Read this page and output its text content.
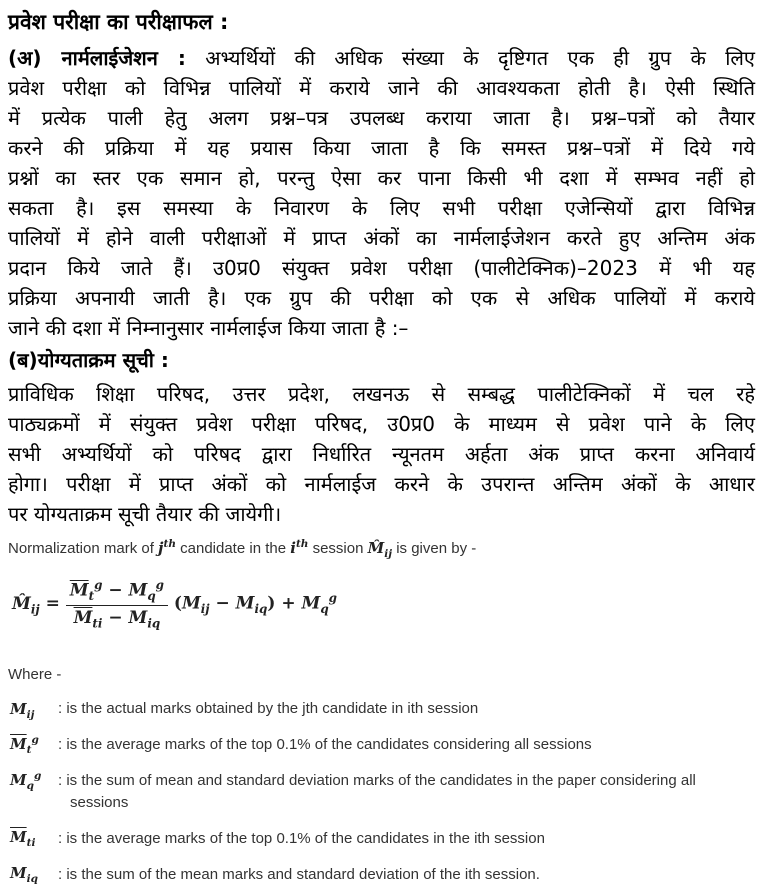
प्रवेश परीक्षा का परीक्षाफल :
(अ) नार्मलाईजेशन : अभ्यर्थियों की अधिक संख्या के दृष्टिगत एक ही ग्रुप के लिए
प्रवेश परीक्षा को विभिन्न पालियों में कराये जाने की आवश्यकता होती है। ऐसी स्थिति
में प्रत्येक पाली हेतु अलग प्रश्न–पत्र उपलब्ध कराया जाता है। प्रश्न–पत्रों को तैयार
करने की प्रक्रिया में यह प्रयास किया जाता है कि समस्त प्रश्न–पत्रों में दिये गये
प्रश्नों का स्तर एक समान हो, परन्तु ऐसा कर पाना किसी भी दशा में सम्भव नहीं हो
सकता है। इस समस्या के निवारण के लिए सभी परीक्षा एजेन्सियों द्वारा विभिन्न
पालियों में होने वाली परीक्षाओं में प्राप्त अंकों का नार्मलाईजेशन करते हुए अन्तिम अंक
प्रदान किये जाते हैं। उ0प्र0 संयुक्त प्रवेश परीक्षा (पालीटेक्निक)–2023 में भी यह
प्रक्रिया अपनायी जाती है। एक ग्रुप की परीक्षा को एक से अधिक पालियों में कराये
जाने की दशा में निम्नानुसार नार्मलाईज किया जाता है :–
(ब)योग्यताक्रम सूची :
प्राविधिक शिक्षा परिषद, उत्तर प्रदेश, लखनऊ से सम्बद्ध पालीटेक्निकों में चल रहे
पाठ्यक्रमों में संयुक्त प्रवेश परीक्षा परिषद, उ0प्र0 के माध्यम से प्रवेश पाने के लिए
सभी अभ्यर्थियों को परिषद द्वारा निर्धारित न्यूनतम अर्हता अंक प्राप्त करना अनिवार्य
होगा। परीक्षा में प्राप्त अंकों को नार्मलाईज करने के उपरान्त अन्तिम अंकों के आधार
पर योग्यताक्रम सूची तैयार की जायेगी।
Normalization mark of $j^{th}$ candidate in the $i^{th}$ session $M̂_{ij}$ is given by -
$M̂_{ij} = \frac{\overline{M}_t^g - M_q^g}{\overline{M}_{ti} - M_{iq}} (M_{ij} - M_{iq}) + M_q^g$
Where -
$M_{ij}$	: is the actual marks obtained by the jth candidate in ith session
$\overline{M}_t^g$	: is the average marks of the top 0.1% of the candidates considering all sessions
$M_q^g$	: is the sum of mean and standard deviation marks of the candidates in the paper considering all
sessions
$\overline{M}_{ti}$	: is the average marks of the top 0.1% of the candidates in the ith session
$M_{iq}$	: is the sum of the mean marks and standard deviation of the ith session.
